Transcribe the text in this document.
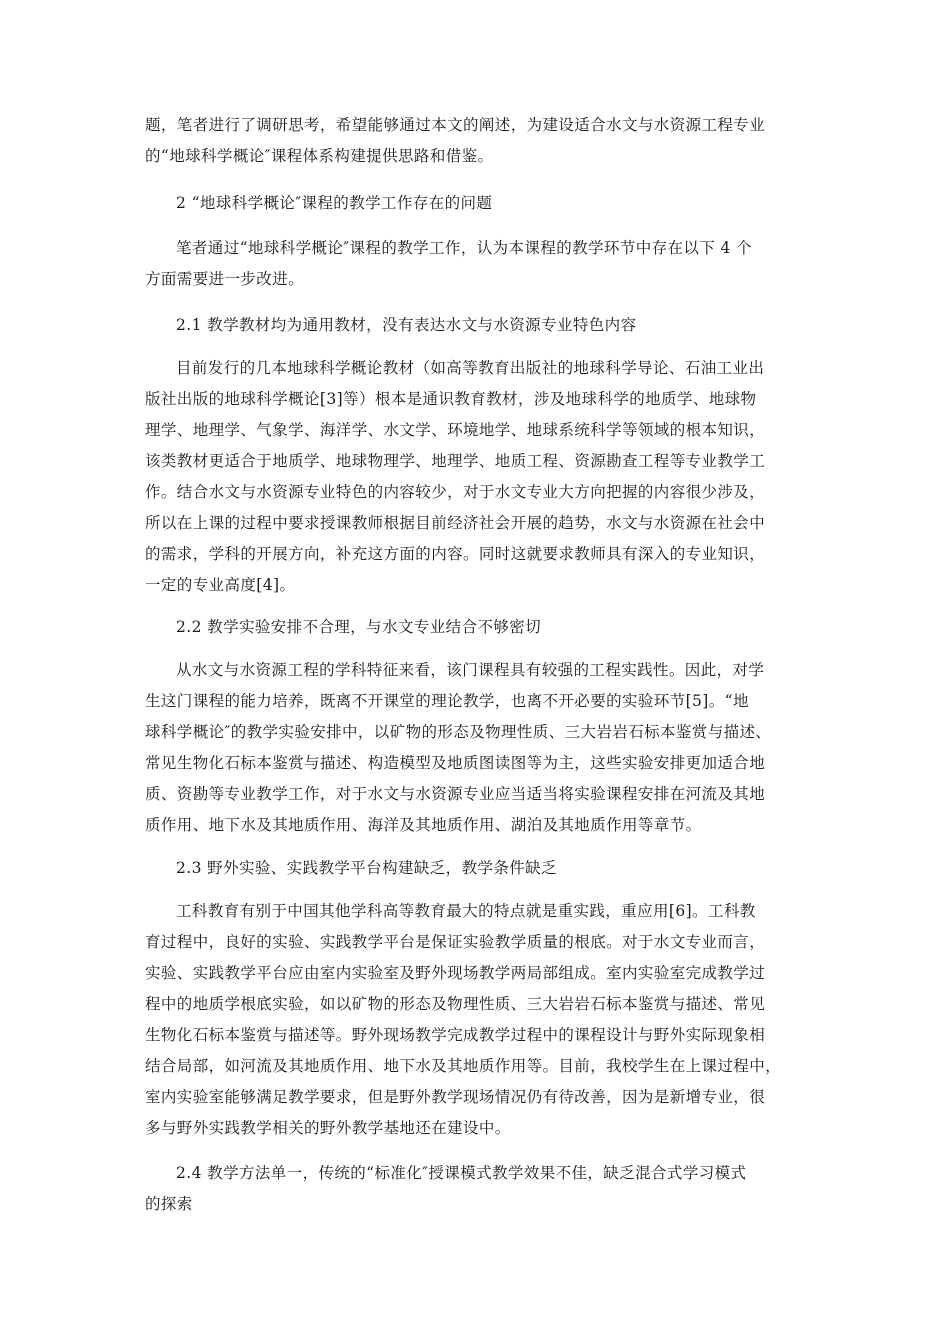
题，笔者进行了调研思考，希望能够通过本文的阐述，为建设适合水文与水资源工程专业

的“地球科学概论″课程体系构建提供思路和借鉴。

2 “地球科学概论″课程的教学工作存在的问题

笔者通过“地球科学概论″课程的教学工作，认为本课程的教学环节中存在以下 4 个

方面需要进一步改进。

2.1 教学教材均为通用教材，没有表达水文与水资源专业特色内容

目前发行的几本地球科学概论教材（如高等教育出版社的地球科学导论、石油工业出

版社出版的地球科学概论[3]等）根本是通识教育教材，涉及地球科学的地质学、地球物

理学、地理学、气象学、海洋学、水文学、环境地学、地球系统科学等领域的根本知识，

该类教材更适合于地质学、地球物理学、地理学、地质工程、资源勘查工程等专业教学工

作。结合水文与水资源专业特色的内容较少，对于水文专业大方向把握的内容很少涉及，

所以在上课的过程中要求授课教师根据目前经济社会开展的趋势，水文与水资源在社会中

的需求，学科的开展方向，补充这方面的内容。同时这就要求教师具有深入的专业知识，

一定的专业高度[4]。

2.2 教学实验安排不合理，与水文专业结合不够密切

从水文与水资源工程的学科特征来看，该门课程具有较强的工程实践性。因此，对学

生这门课程的能力培养，既离不开课堂的理论教学，也离不开必要的实验环节[5]。“地

球科学概论″的教学实验安排中，以矿物的形态及物理性质、三大岩岩石标本鉴赏与描述、

常见生物化石标本鉴赏与描述、构造模型及地质图读图等为主，这些实验安排更加适合地

质、资勘等专业教学工作，对于水文与水资源专业应当适当将实验课程安排在河流及其地

质作用、地下水及其地质作用、海洋及其地质作用、湖泊及其地质作用等章节。

2.3 野外实验、实践教学平台构建缺乏，教学条件缺乏

工科教育有别于中国其他学科高等教育最大的特点就是重实践，重应用[6]。工科教

育过程中，良好的实验、实践教学平台是保证实验教学质量的根底。对于水文专业而言，

实验、实践教学平台应由室内实验室及野外现场教学两局部组成。室内实验室完成教学过

程中的地质学根底实验，如以矿物的形态及物理性质、三大岩岩石标本鉴赏与描述、常见

生物化石标本鉴赏与描述等。野外现场教学完成教学过程中的课程设计与野外实际现象相

结合局部，如河流及其地质作用、地下水及其地质作用等。目前，我校学生在上课过程中，

室内实验室能够满足教学要求，但是野外教学现场情况仍有待改善，因为是新增专业，很

多与野外实践教学相关的野外教学基地还在建设中。

2.4 教学方法单一，传统的“标准化″授课模式教学效果不佳，缺乏混合式学习模式

的探索
